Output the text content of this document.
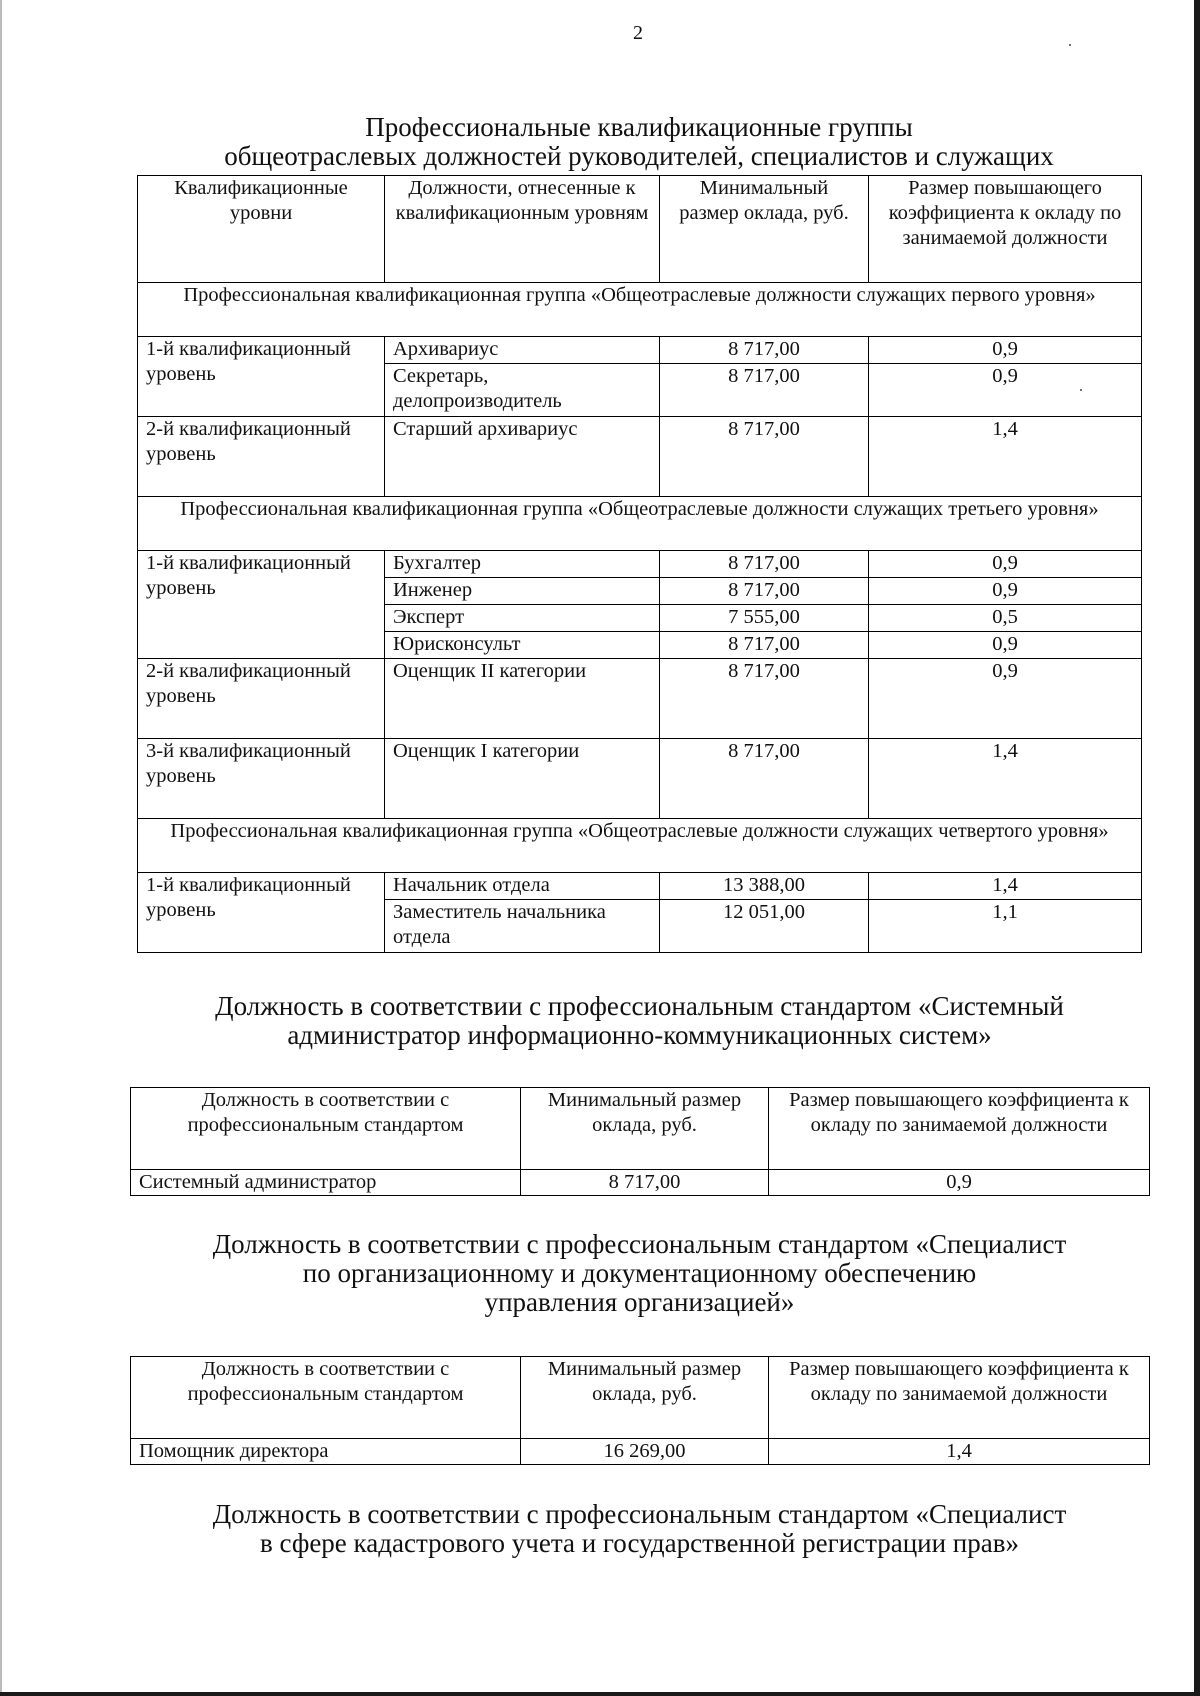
2
Профессиональные квалификационные группы
общеотраслевых должностей руководителей, специалистов и служащих
Квалификационные уровни	Должности, отнесенные к квалификационным уровням	Минимальный размер оклада, руб.	Размер повышающего коэффициента к окладу по занимаемой должности
Профессиональная квалификационная группа «Общеотраслевые должности служащих первого уровня»			
1-й квалификационный уровень	Архивариус	8 717,00	0,9
	Секретарь, делопроизводитель	8 717,00	0,9
2-й квалификационный уровень	Старший архивариус	8 717,00	1,4
Профессиональная квалификационная группа «Общеотраслевые должности служащих третьего уровня»			
1-й квалификационный уровень	Бухгалтер	8 717,00	0,9
	Инженер	8 717,00	0,9
	Эксперт	7 555,00	0,5
	Юрисконсульт	8 717,00	0,9
2-й квалификационный уровень	Оценщик II категории	8 717,00	0,9
3-й квалификационный уровень	Оценщик I категории	8 717,00	1,4
Профессиональная квалификационная группа «Общеотраслевые должности служащих четвертого уровня»			
1-й квалификационный уровень	Начальник отдела	13 388,00	1,4
	Заместитель начальника отдела	12 051,00	1,1
Должность в соответствии с профессиональным стандартом «Системный
администратор информационно-коммуникационных систем»
Должность в соответствии с профессиональным стандартом	Минимальный размер оклада, руб.	Размер повышающего коэффициента к окладу по занимаемой должности
Системный администратор	8 717,00	0,9
Должность в соответствии с профессиональным стандартом «Специалист
по организационному и документационному обеспечению
управления организацией»
Должность в соответствии с профессиональным стандартом	Минимальный размер оклада, руб.	Размер повышающего коэффициента к окладу по занимаемой должности
Помощник директора	16 269,00	1,4
Должность в соответствии с профессиональным стандартом «Специалист
в сфере кадастрового учета и государственной регистрации прав»
